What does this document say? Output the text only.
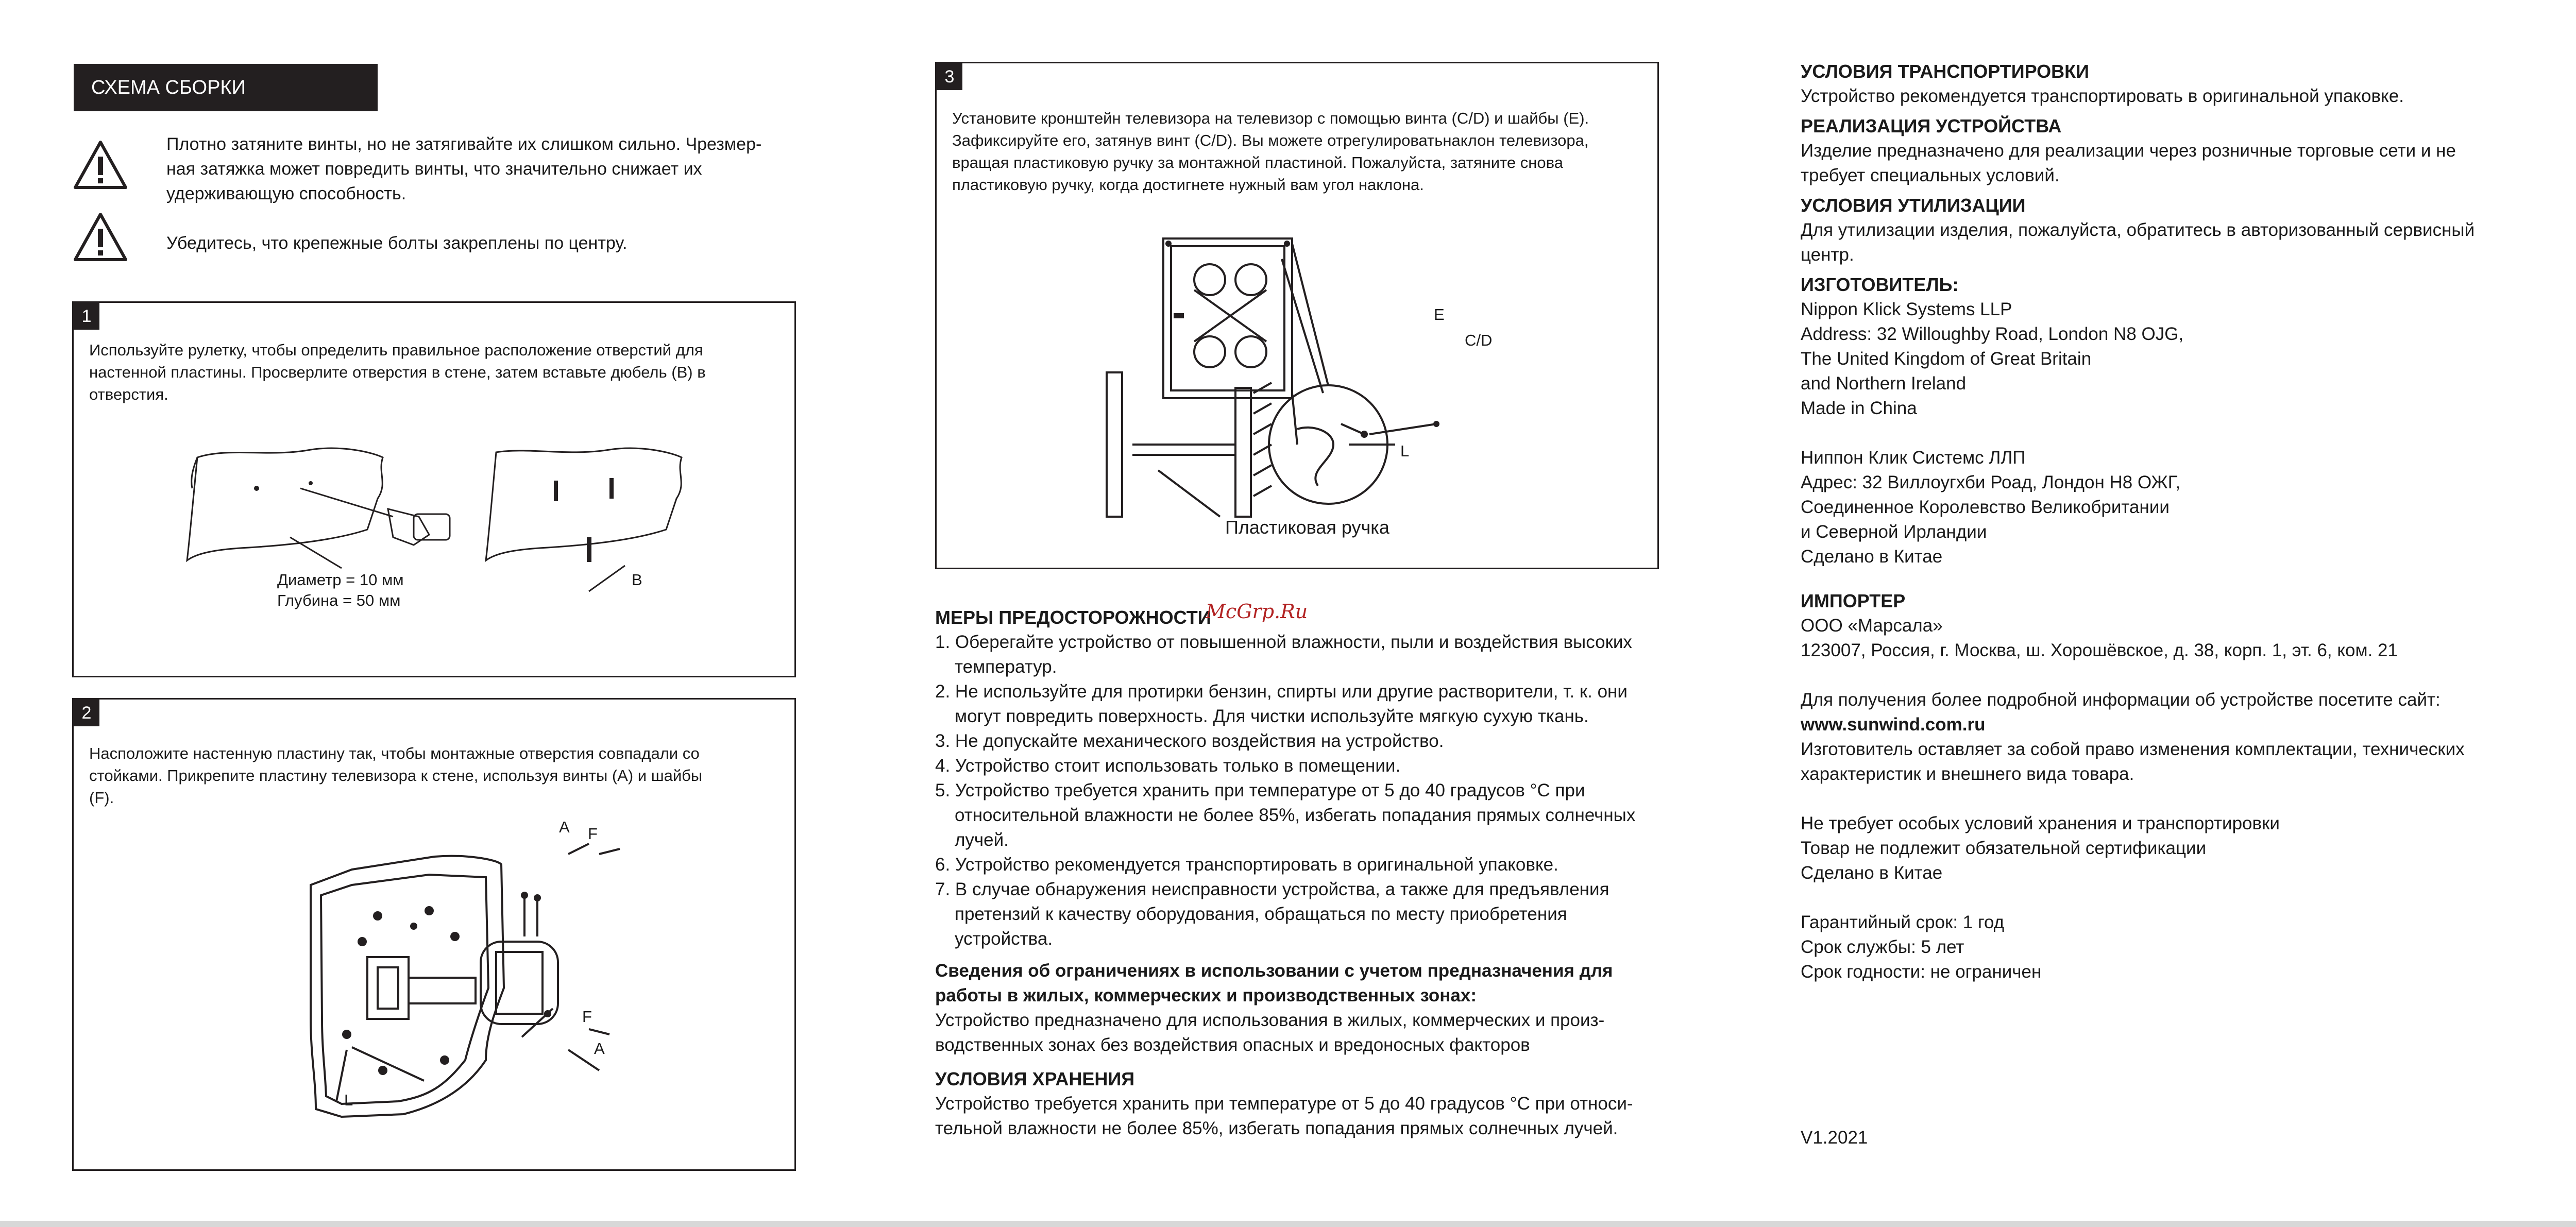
СХЕМА СБОРКИ
Плотно затяните винты, но не затягивайте их слишком сильно. Чрезмер-
ная затяжка может повредить винты, что значительно снижает их
удерживающую способность.
Убедитесь, что крепежные болты закреплены по центру.
1
Используйте рулетку, чтобы определить правильное расположение отверстий для
настенной пластины. Просверлите отверстия в стене, затем вставьте дюбель (B) в
отверстия.
Диаметр = 10 мм
Глубина = 50 мм
B
2
Насположите настенную пластину так, чтобы монтажные отверстия совпадали со
стойками. Прикрепите пластину телевизора к стене, используя винты (A) и шайбы
(F).
A F
F
A
L
3
Установите кронштейн телевизора на телевизор с помощью винта (C/D) и шайбы (E).
Зафиксируйте его, затянув винт (C/D). Вы можете отрегулироватьнаклон телевизора,
вращая пластиковую ручку за монтажной пластиной. Пожалуйста, затяните снова
пластиковую ручку, когда достигнете нужный вам угол наклона.
E
C/D
L
Пластиковая ручка
МЕРЫ ПРЕДОСТОРОЖНОСТИ
1. Оберегайте устройство от повышенной влажности, пыли и воздействия высоких
температур.
2. Не используйте для протирки бензин, спирты или другие растворители, т. к. они
могут повредить поверхность. Для чистки используйте мягкую сухую ткань.
3. Не допускайте механического воздействия на устройство.
4. Устройство стоит использовать только в помещении.
5. Устройство требуется хранить при температуре от 5 до 40 градусов °С при
относительной влажности не более 85%, избегать попадания прямых солнечных
лучей.
6. Устройство рекомендуется транспортировать в оригинальной упаковке.
7. В случае обнаружения неисправности устройства, а также для предъявления
претензий к качеству оборудования, обращаться по месту приобретения
устройства.
Сведения об ограничениях в использовании с учетом предназначения для
работы в жилых, коммерческих и производственных зонах:
Устройство предназначено для использования в жилых, коммерческих и произ-
водственных зонах без воздействия опасных и вредоносных факторов
УСЛОВИЯ ХРАНЕНИЯ
Устройство требуется хранить при температуре от 5 до 40 градусов °С при относи-
тельной влажности не более 85%, избегать попадания прямых солнечных лучей.
McGrp.Ru
УСЛОВИЯ ТРАНСПОРТИРОВКИ
Устройство рекомендуется транспортировать в оригинальной упаковке.
РЕАЛИЗАЦИЯ УСТРОЙСТВА
Изделие предназначено для реализации через розничные торговые сети и не
требует специальных условий.
УСЛОВИЯ УТИЛИЗАЦИИ
Для утилизации изделия, пожалуйста, обратитесь в авторизованный сервисный
центр.
ИЗГОТОВИТЕЛЬ:
Nippon Klick Systems LLP
Address: 32 Willoughby Road, London N8 OJG,
The United Kingdom of Great Britain
and Northern Ireland
Made in China
Ниппон Клик Системс ЛЛП
Адрес: 32 Виллоугхби Роад, Лондон Н8 ОЖГ,
Соединенное Королевство Великобритании
и Северной Ирландии
Сделано в Китае
ИМПОРТЕР
ООО «Марсала»
123007, Россия, г. Москва, ш. Хорошёвское, д. 38, корп. 1, эт. 6, ком. 21
Для получения более подробной информации об устройстве посетите сайт:
www.sunwind.com.ru
Изготовитель оставляет за собой право изменения комплектации, технических
характеристик и внешнего вида товара.
Не требует особых условий хранения и транспортировки
Товар не подлежит обязательной сертификации
Сделано в Китае
Гарантийный срок: 1 год
Срок службы: 5 лет
Срок годности: не ограничен
V1.2021
